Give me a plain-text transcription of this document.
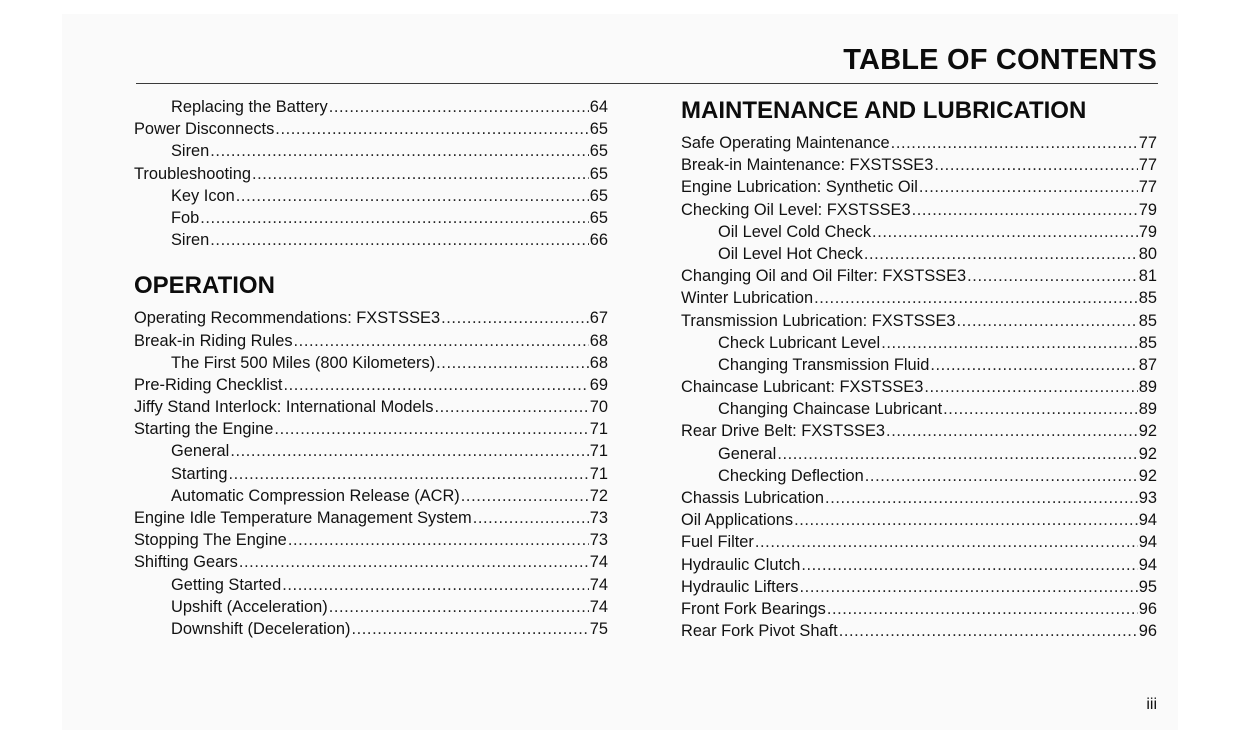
TABLE OF CONTENTS
Replacing the Battery .....	64
Power Disconnects .....	65
Siren .....	65
Troubleshooting .....	65
Key Icon .....	65
Fob .....	65
Siren .....	66
OPERATION
Operating Recommendations: FXSTSSE3 .....	67
Break-in Riding Rules .....	68
The First 500 Miles (800 Kilometers) .....	68
Pre-Riding Checklist .....	69
Jiffy Stand Interlock: International Models .....	70
Starting the Engine .....	71
General .....	71
Starting .....	71
Automatic Compression Release (ACR) .....	72
Engine Idle Temperature Management System .....	73
Stopping The Engine .....	73
Shifting Gears .....	74
Getting Started .....	74
Upshift (Acceleration) .....	74
Downshift (Deceleration) .....	75
MAINTENANCE AND LUBRICATION
Safe Operating Maintenance .....	77
Break-in Maintenance: FXSTSSE3 .....	77
Engine Lubrication: Synthetic Oil .....	77
Checking Oil Level: FXSTSSE3 .....	79
Oil Level Cold Check .....	79
Oil Level Hot Check .....	80
Changing Oil and Oil Filter: FXSTSSE3 .....	81
Winter Lubrication .....	85
Transmission Lubrication: FXSTSSE3 .....	85
Check Lubricant Level .....	85
Changing Transmission Fluid .....	87
Chaincase Lubricant: FXSTSSE3 .....	89
Changing Chaincase Lubricant .....	89
Rear Drive Belt: FXSTSSE3 .....	92
General .....	92
Checking Deflection .....	92
Chassis Lubrication .....	93
Oil Applications .....	94
Fuel Filter .....	94
Hydraulic Clutch .....	94
Hydraulic Lifters .....	95
Front Fork Bearings .....	96
Rear Fork Pivot Shaft .....	96
iii
